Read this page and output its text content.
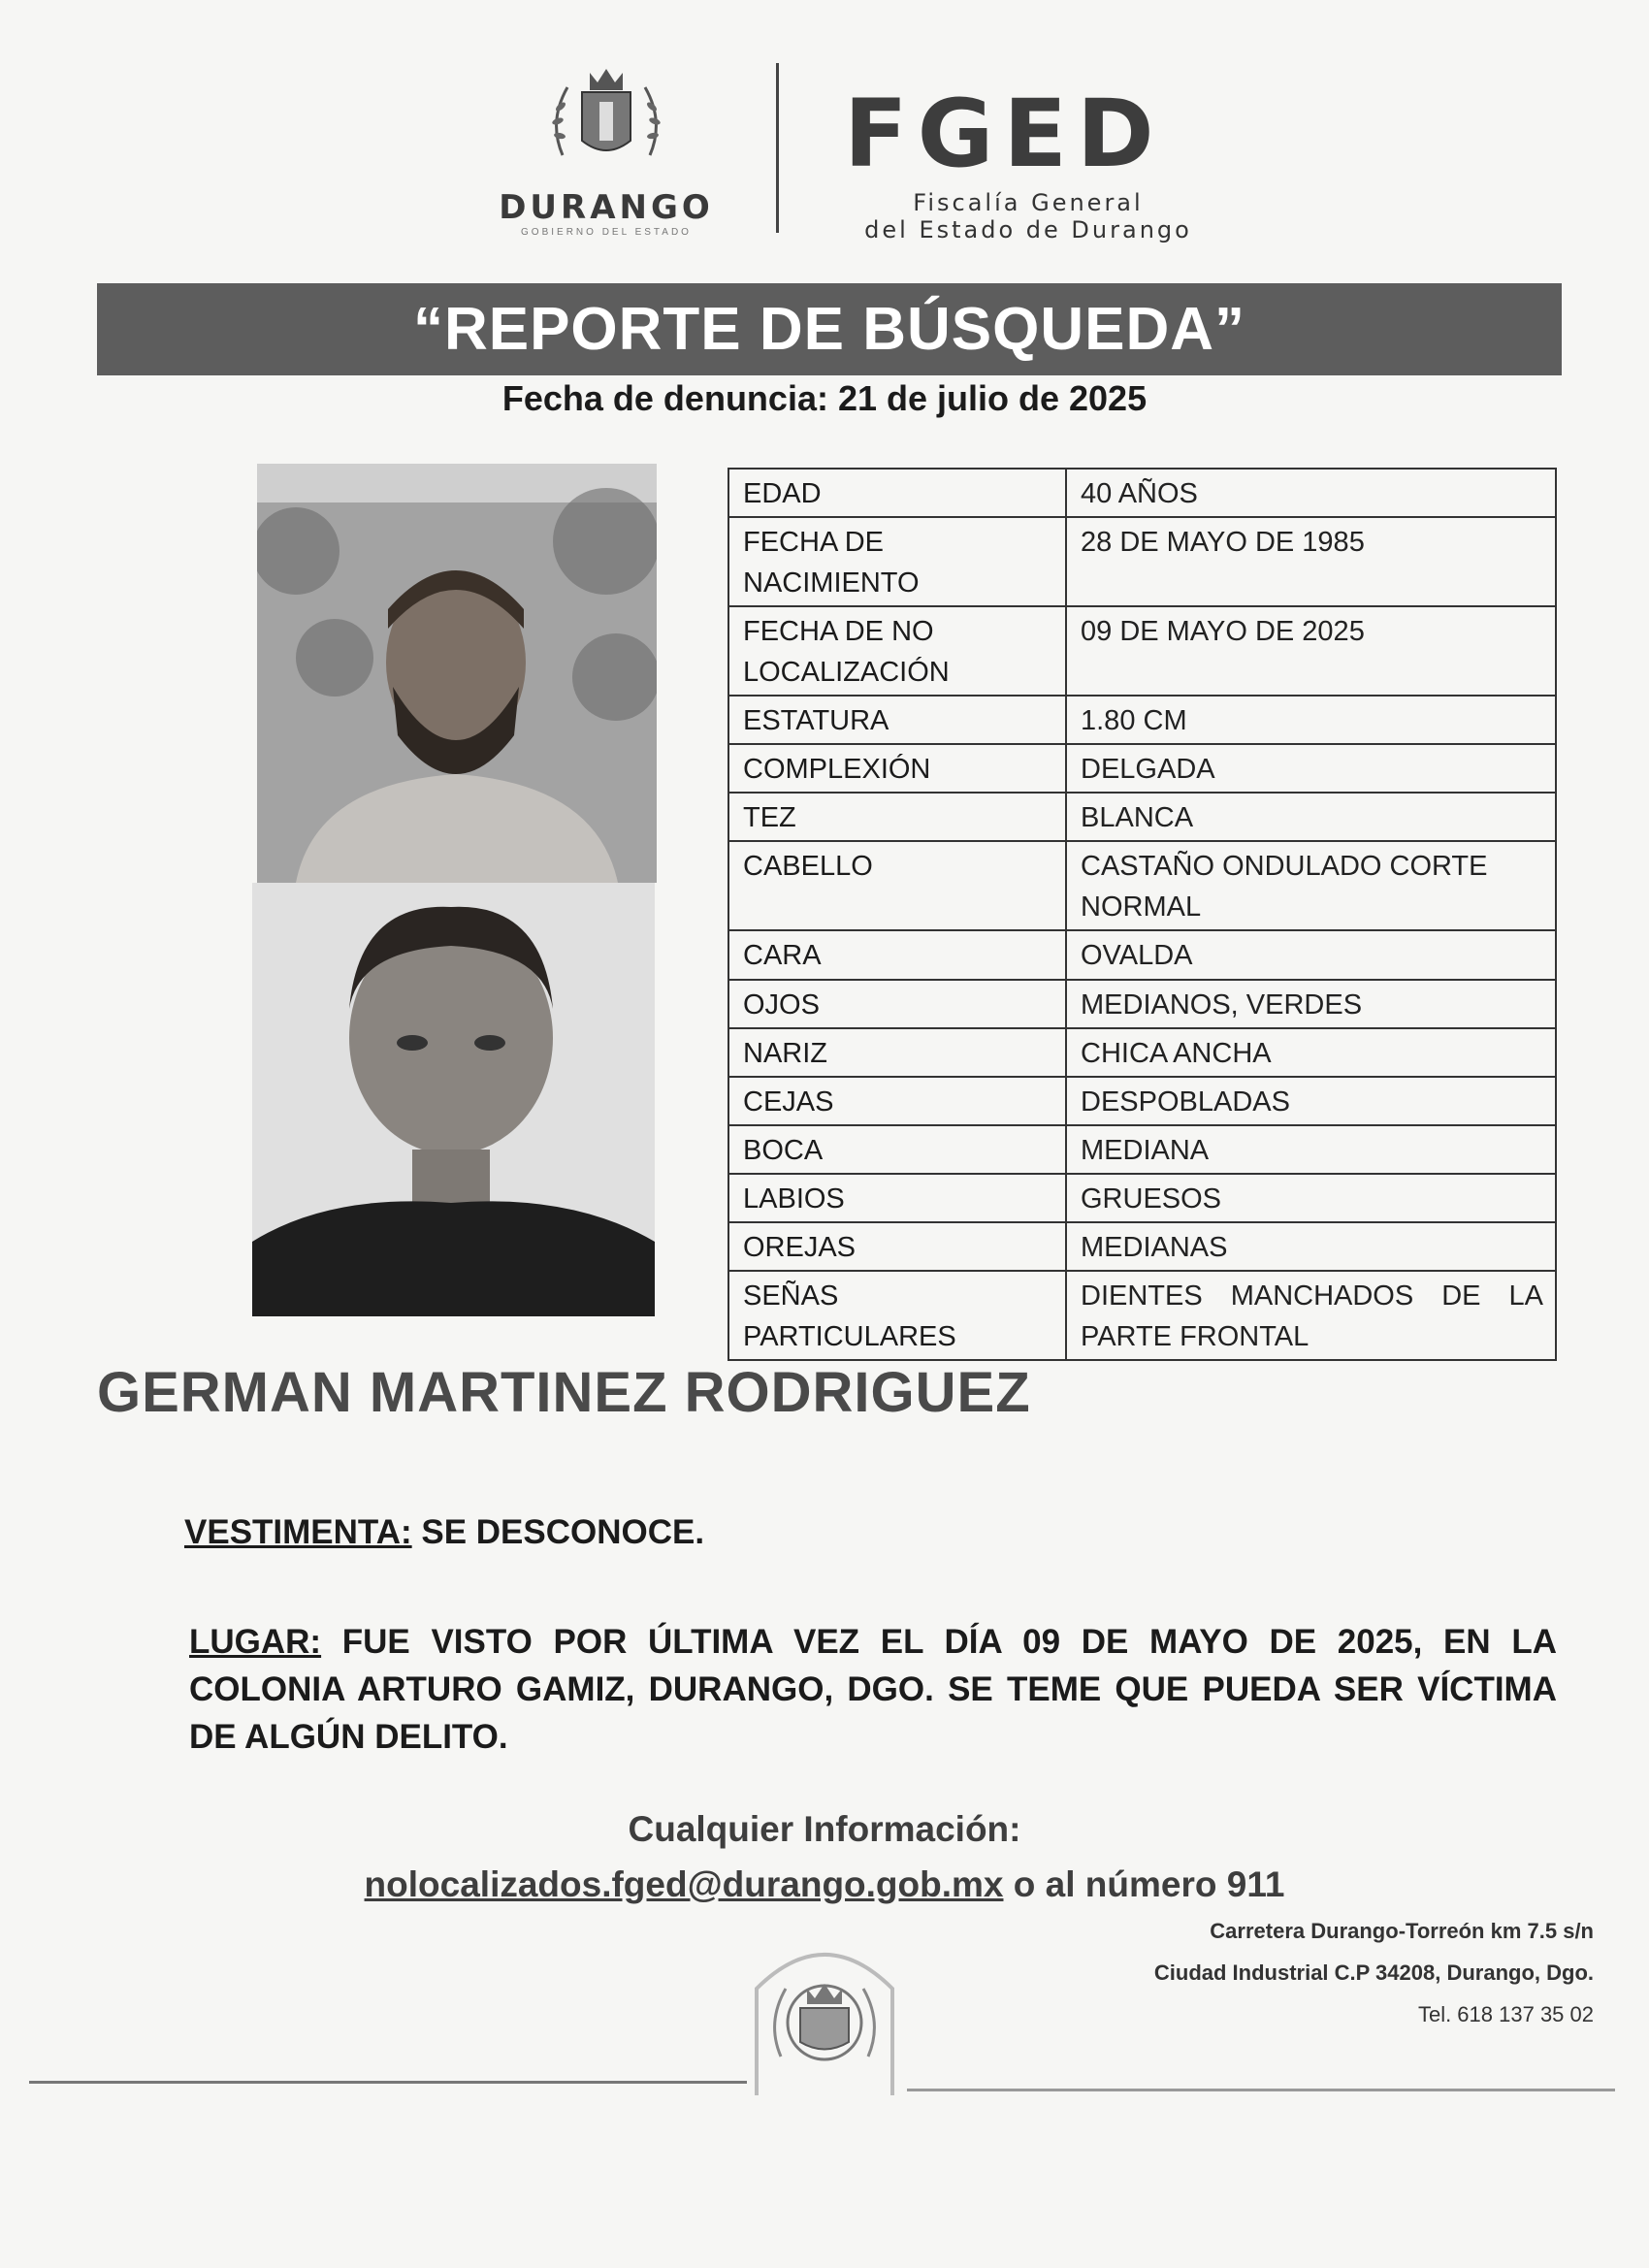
DURANGO
GOBIERNO DEL ESTADO
FGED
Fiscalía General
del Estado de Durango
“REPORTE DE BÚSQUEDA”
Fecha de denuncia: 21 de julio de 2025
EDAD	40 AÑOS
FECHA DE NACIMIENTO	28 DE MAYO DE 1985
FECHA DE NO LOCALIZACIÓN	09 DE MAYO DE 2025
ESTATURA	1.80 CM
COMPLEXIÓN	DELGADA
TEZ	BLANCA
CABELLO	CASTAÑO ONDULADO CORTE NORMAL
CARA	OVALDA
OJOS	MEDIANOS, VERDES
NARIZ	CHICA ANCHA
CEJAS	DESPOBLADAS
BOCA	MEDIANA
LABIOS	GRUESOS
OREJAS	MEDIANAS
SEÑAS PARTICULARES	DIENTES MANCHADOS DE LA PARTE FRONTAL
GERMAN MARTINEZ RODRIGUEZ
VESTIMENTA: SE DESCONOCE.
LUGAR: FUE VISTO POR ÚLTIMA VEZ EL DÍA 09 DE MAYO DE 2025, EN LA COLONIA ARTURO GAMIZ, DURANGO, DGO. SE TEME QUE PUEDA SER VÍCTIMA DE ALGÚN DELITO.
Cualquier Información:
nolocalizados.fged@durango.gob.mx o al número 911
Carretera Durango-Torreón km 7.5 s/n
Ciudad Industrial C.P 34208, Durango, Dgo.
Tel. 618 137 35 02
